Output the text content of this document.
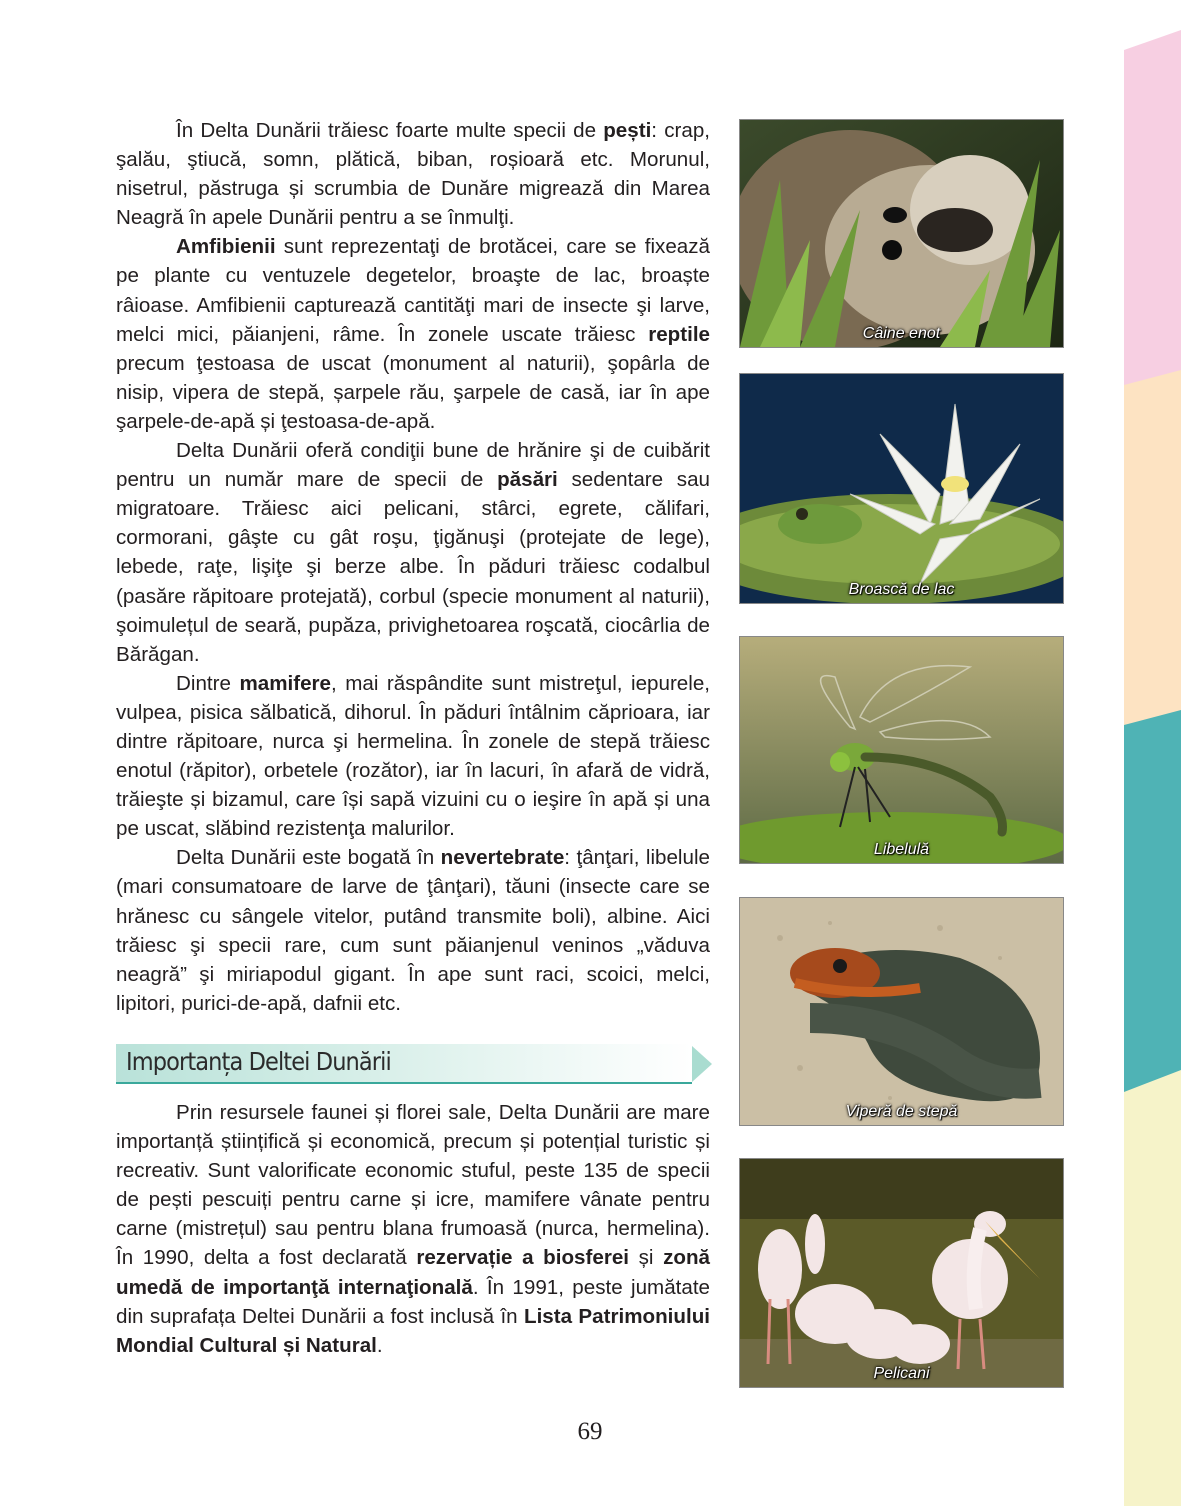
În Delta Dunării trăiesc foarte multe specii de pești: crap, şalău, ştiucă, somn, plătică, biban, roșioară etc. Morunul, nisetrul, păstruga și scrumbia de Dunăre migrează din Marea Neagră în apele Dunării pentru a se înmulţi.

Amfibienii sunt reprezentaţi de brotăcei, care se fixează pe plante cu ventuzele degetelor, broaşte de lac, broaște râioase. Amfibienii capturează cantităţi mari de insecte şi larve, melci mici, păianjeni, râme. În zonele uscate trăiesc reptile precum ţestoasa de uscat (monument al naturii), şopârla de nisip, vipera de stepă, șarpele rău, şarpele de casă, iar în ape şarpele-de-apă și ţestoasa-de-apă.

Delta Dunării oferă condiţii bune de hrănire şi de cuibărit pentru un număr mare de specii de păsări sedentare sau migratoare. Trăiesc aici pelicani, stârci, egrete, călifari, cormorani, gâşte cu gât roşu, ţigănuşi (protejate de lege), lebede, raţe, lişiţe şi berze albe. În păduri trăiesc codalbul (pasăre răpitoare protejată), corbul (specie monument al naturii), şoimulețul de seară, pupăza, privighetoarea roşcată, ciocârlia de Bărăgan.

Dintre mamifere, mai răspândite sunt mistreţul, iepurele, vulpea, pisica sălbatică, dihorul. În păduri întâlnim căprioara, iar dintre răpitoare, nurca şi hermelina. În zonele de stepă trăiesc enotul (răpitor), orbetele (rozător), iar în lacuri, în afară de vidră, trăieşte și bizamul, care își sapă vizuini cu o ieşire în apă și una pe uscat, slăbind rezistenţa malurilor.

Delta Dunării este bogată în nevertebrate: ţânţari, libelule (mari consumatoare de larve de ţânţari), tăuni (insecte care se hrănesc cu sângele vitelor, putând transmite boli), albine. Aici trăiesc şi specii rare, cum sunt păianjenul veninos „văduva neagră” şi miriapodul gigant. În ape sunt raci, scoici, melci, lipitori, purici-de-apă, dafnii etc.

Importanța Deltei Dunării

Prin resursele faunei și florei sale, Delta Dunării are mare importanță științifică și economică, precum și potențial turistic și recreativ. Sunt valorificate economic stuful, peste 135 de specii de pești pescuiți pentru carne și icre, mamifere vânate pentru carne (mistrețul) sau pentru blana frumoasă (nurca, hermelina). În 1990, delta a fost declarată rezervație a biosferei și zonă umedă de importanţă internaţională. În 1991, peste jumătate din suprafața Deltei Dunării a fost inclusă în Lista Patrimoniului Mondial Cultural și Natural.

69
Câine enot
Broască de lac
Libelulă
Viperă de stepă
Pelicani
